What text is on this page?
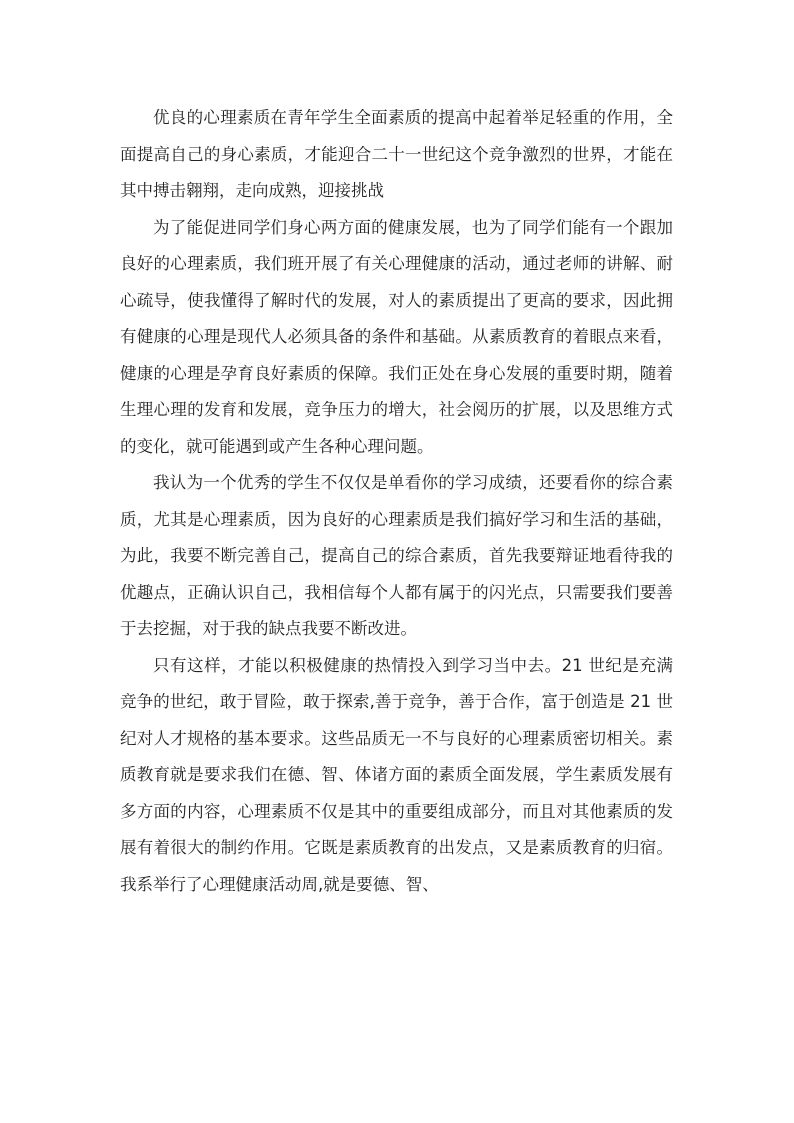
优良的心理素质在青年学生全面素质的提高中起着举足轻重的作用，全面提高自己的身心素质，才能迎合二十一世纪这个竞争激烈的世界，才能在其中搏击翱翔，走向成熟，迎接挑战

为了能促进同学们身心两方面的健康发展，也为了同学们能有一个跟加良好的心理素质，我们班开展了有关心理健康的活动，通过老师的讲解、耐心疏导，使我懂得了解时代的发展，对人的素质提出了更高的要求，因此拥有健康的心理是现代人必须具备的条件和基础。从素质教育的着眼点来看，健康的心理是孕育良好素质的保障。我们正处在身心发展的重要时期，随着生理心理的发育和发展，竞争压力的增大，社会阅历的扩展，以及思维方式的变化，就可能遇到或产生各种心理问题。

我认为一个优秀的学生不仅仅是单看你的学习成绩，还要看你的综合素质，尤其是心理素质，因为良好的心理素质是我们搞好学习和生活的基础，为此，我要不断完善自己，提高自己的综合素质，首先我要辩证地看待我的优趣点，正确认识自己，我相信每个人都有属于的闪光点，只需要我们要善于去挖掘，对于我的缺点我要不断改进。

只有这样，才能以积极健康的热情投入到学习当中去。21 世纪是充满竞争的世纪，敢于冒险，敢于探索,善于竞争，善于合作，富于创造是 21 世纪对人才规格的基本要求。这些品质无一不与良好的心理素质密切相关。素质教育就是要求我们在德、智、体诸方面的素质全面发展，学生素质发展有多方面的内容，心理素质不仅是其中的重要组成部分，而且对其他素质的发展有着很大的制约作用。它既是素质教育的出发点，又是素质教育的归宿。我系举行了心理健康活动周,就是要德、智、
